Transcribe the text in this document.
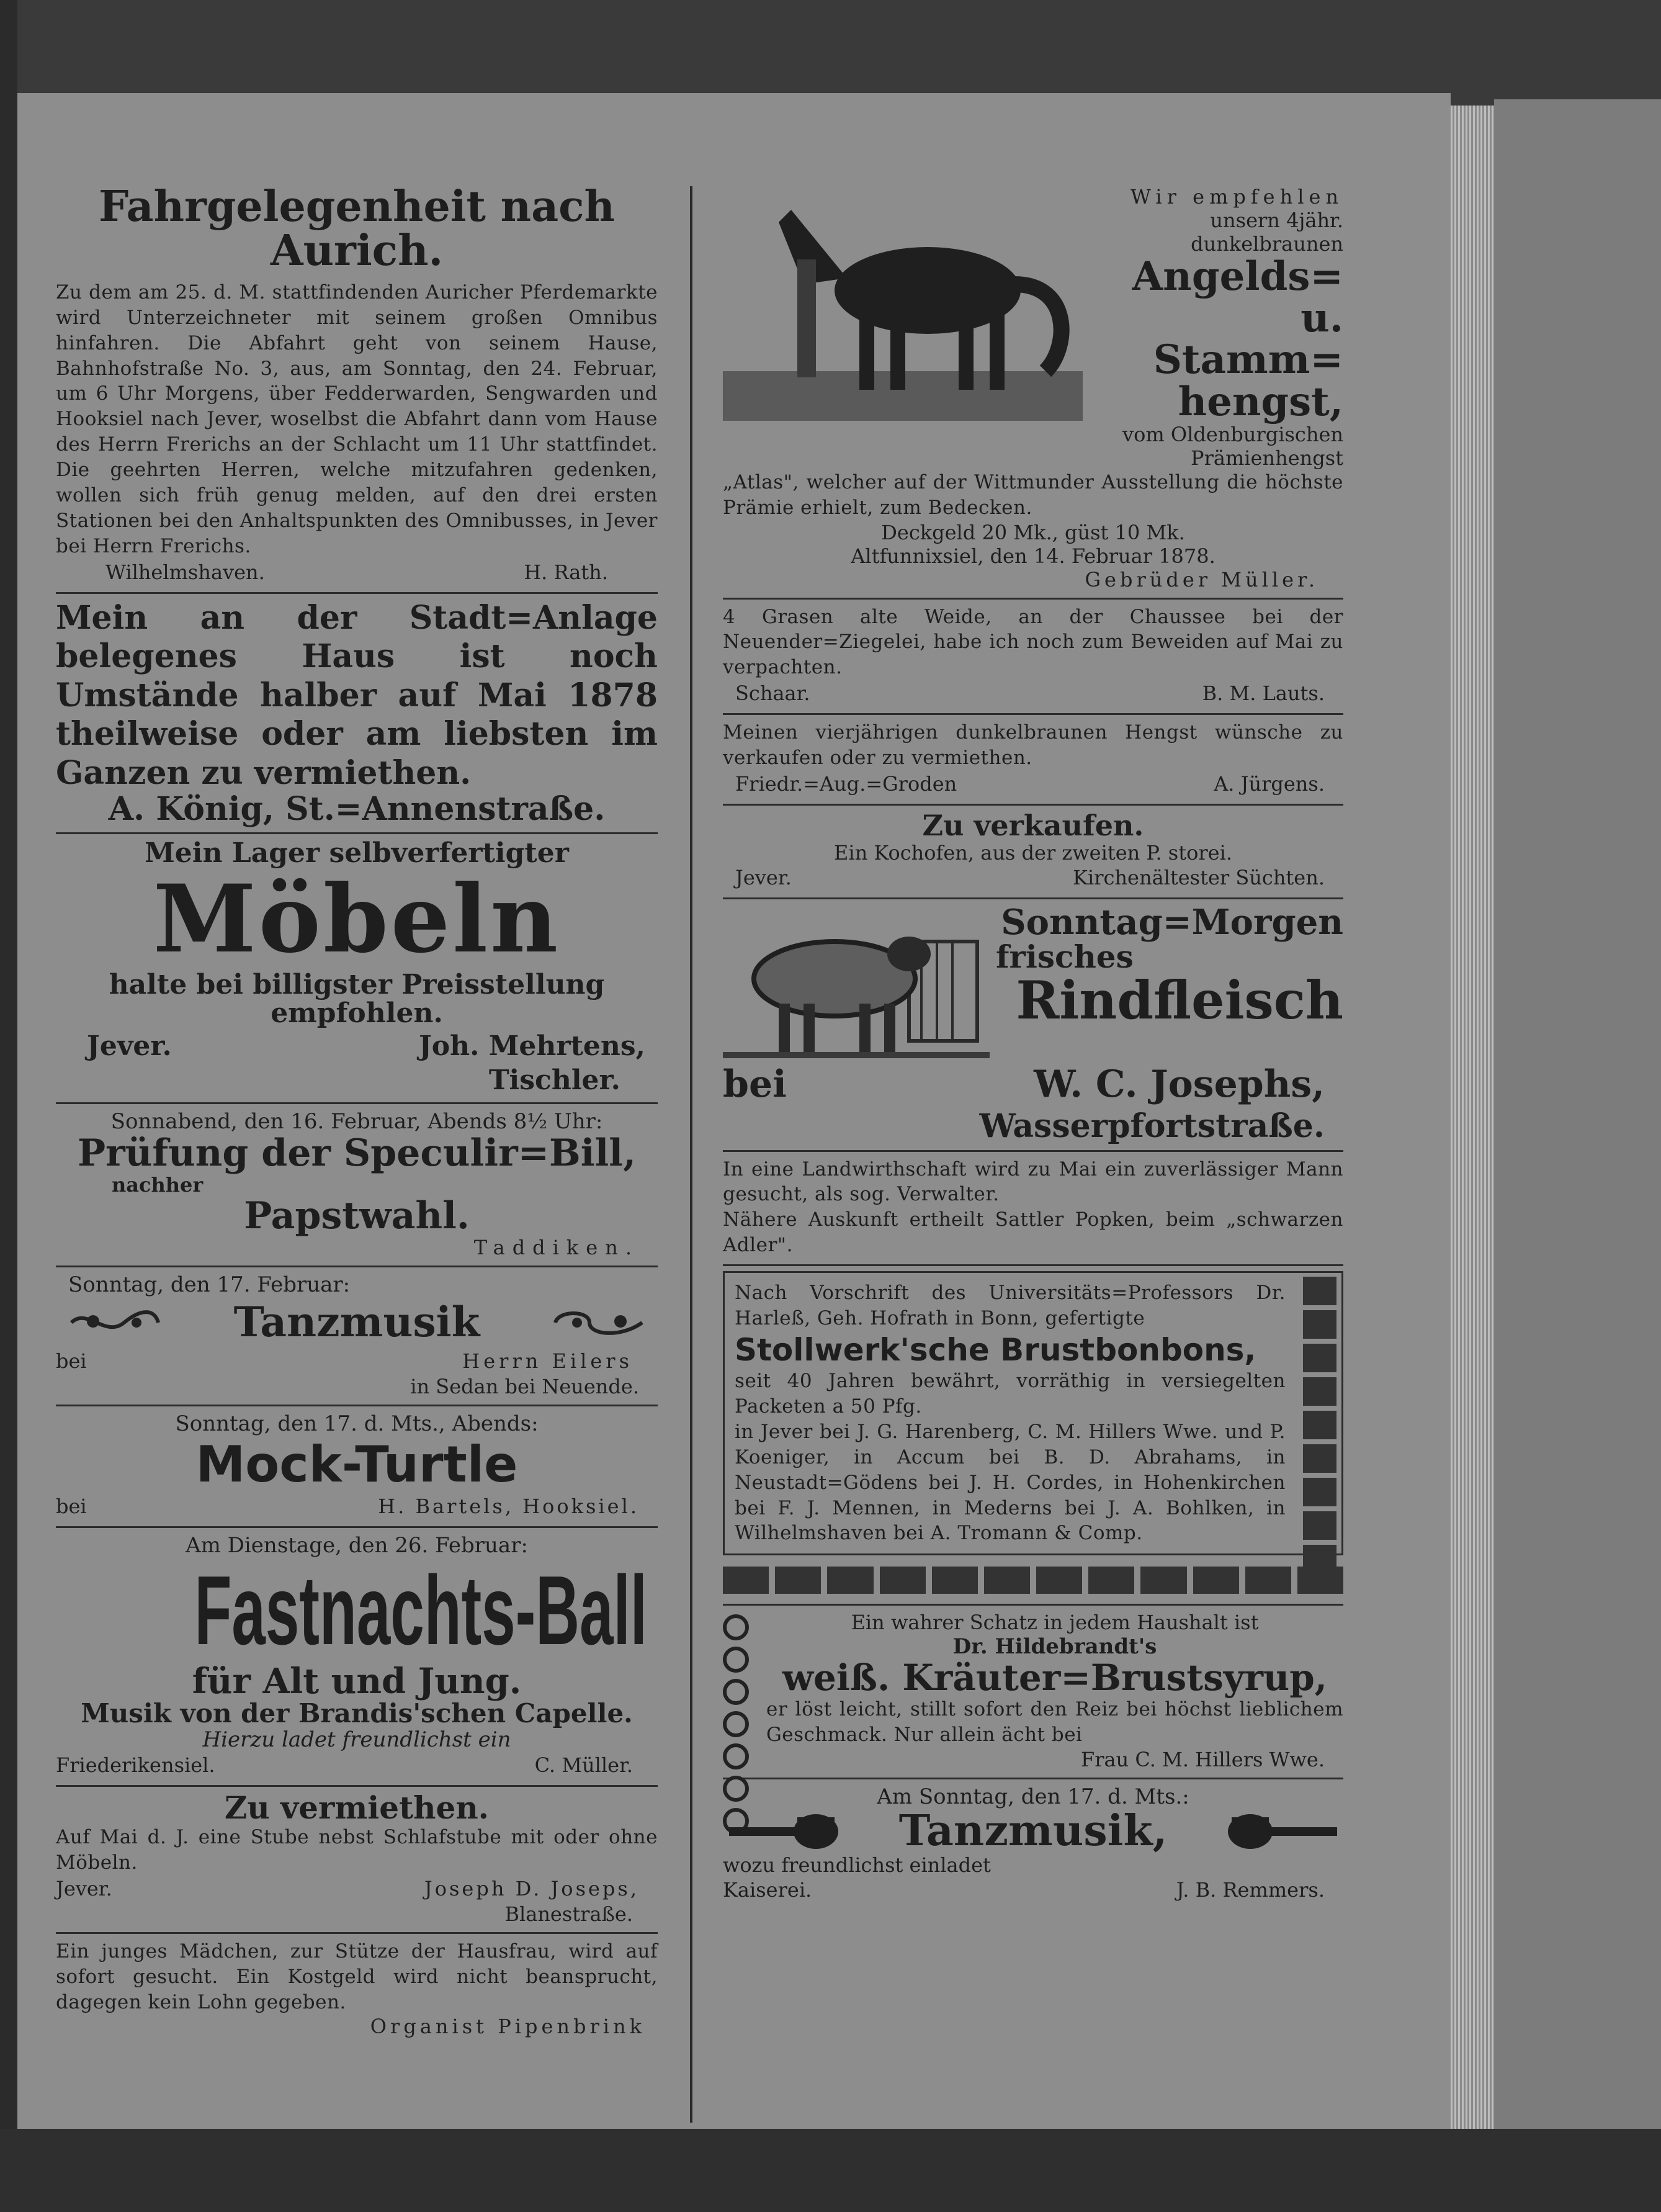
Fahrgelegenheit nach Aurich.
Zu dem am 25. d. M. stattfindenden Auricher Pferdemarkte wird Unterzeichneter mit seinem großen Omnibus hinfahren. Die Abfahrt geht von seinem Hause, Bahnhofstraße No. 3, aus, am Sonntag, den 24. Februar, um 6 Uhr Morgens, über Fedderwarden, Sengwarden und Hooksiel nach Jever, woselbst die Abfahrt dann vom Hause des Herrn Frerichs an der Schlacht um 11 Uhr stattfindet. Die geehrten Herren, welche mitzufahren gedenken, wollen sich früh genug melden, auf den drei ersten Stationen bei den Anhaltspunkten des Omnibusses, in Jever bei Herrn Frerichs.
Wilhelmshaven.	H. Rath.
Mein an der Stadt=Anlage belegenes Haus ist noch Umstände halber auf Mai 1878 theilweise oder am liebsten im Ganzen zu vermiethen.
A. König, St.=Annenstraße.
Mein Lager selbverfertigter
Möbeln
halte bei billigster Preisstellung empfohlen.
Jever.	Joh. Mehrtens,
Tischler.
Sonnabend, den 16. Februar, Abends 8½ Uhr:
Prüfung der Speculir=Bill,
nachher
Papstwahl.
Taddiken.
Sonntag, den 17. Februar:
Tanzmusik
bei	Herrn Eilers
in Sedan bei Neuende.
Sonntag, den 17. d. Mts., Abends:
Mock-Turtle
bei	H. Bartels, Hooksiel.
Am Dienstage, den 26. Februar:
Fastnachts-Ball
für Alt und Jung.
Musik von der Brandis'schen Capelle.
Hierzu ladet freundlichst ein
Friederikensiel.	C. Müller.
Zu vermiethen.
Auf Mai d. J. eine Stube nebst Schlafstube mit oder ohne Möbeln.
Jever.	Joseph D. Joseps,
Blanestraße.
Ein junges Mädchen, zur Stütze der Hausfrau, wird auf sofort gesucht. Ein Kostgeld wird nicht beansprucht, dagegen kein Lohn gegeben.
Organist Pipenbrink
Wir empfehlen
unsern 4jähr. dunkelbraunen
Angelds= u.
Stamm=
hengst,
vom Oldenburgischen Prämienhengst
„Atlas", welcher auf der Wittmunder Ausstellung die höchste Prämie erhielt, zum Bedecken.
Deckgeld 20 Mk., güst 10 Mk.
Altfunnixsiel, den 14. Februar 1878.
Gebrüder Müller.
4 Grasen alte Weide, an der Chaussee bei der Neuender=Ziegelei, habe ich noch zum Beweiden auf Mai zu verpachten.
Schaar.	B. M. Lauts.
Meinen vierjährigen dunkelbraunen Hengst wünsche zu verkaufen oder zu vermiethen.
Friedr.=Aug.=Groden	A. Jürgens.
Zu verkaufen.
Ein Kochofen, aus der zweiten P. storei.
Jever.	Kirchenältester Süchten.
Sonntag=Morgen
frisches
Rindfleisch
bei	W. C. Josephs,
Wasserpfortstraße.
In eine Landwirthschaft wird zu Mai ein zuverlässiger Mann gesucht, als sog. Verwalter.
Nähere Auskunft ertheilt Sattler Popken, beim „schwarzen Adler".
Nach Vorschrift des Universitäts=Professors Dr. Harleß, Geh. Hofrath in Bonn, gefertigte
Stollwerk'sche Brustbonbons,
seit 40 Jahren bewährt, vorräthig in versiegelten Packeten a 50 Pfg.
in Jever bei J. G. Harenberg, C. M. Hillers Wwe. und P. Koeniger, in Accum bei B. D. Abrahams, in Neustadt=Gödens bei J. H. Cordes, in Hohenkirchen bei F. J. Mennen, in Mederns bei J. A. Bohlken, in Wilhelmshaven bei A. Tromann & Comp.
Ein wahrer Schatz in jedem Haushalt ist
Dr. Hildebrandt's
weiß. Kräuter=Brustsyrup,
er löst leicht, stillt sofort den Reiz bei höchst lieblichem Geschmack. Nur allein ächt bei
Frau C. M. Hillers Wwe.
Am Sonntag, den 17. d. Mts.:
Tanzmusik,
wozu freundlichst einladet
Kaiserei.	J. B. Remmers.
